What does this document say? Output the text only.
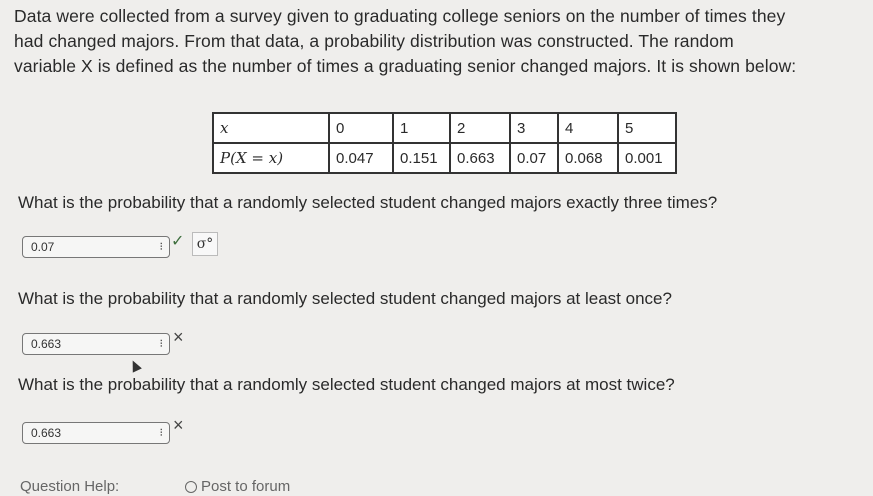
Data were collected from a survey given to graduating college seniors on the number of times they

had changed majors. From that data, a probability distribution was constructed. The random

variable X is defined as the number of times a graduating senior changed majors. It is shown below:

x	0	1	2	3	4	5
P(X = x)	0.047	0.151	0.663	0.07	0.068	0.001
What is the probability that a randomly selected student changed majors exactly three times?
0.07	⁝ ✓ σ°
What is the probability that a randomly selected student changed majors at least once?
0.663	⁝ ×
What is the probability that a randomly selected student changed majors at most twice?
0.663	⁝ ×
Question Help:	Post to forum
